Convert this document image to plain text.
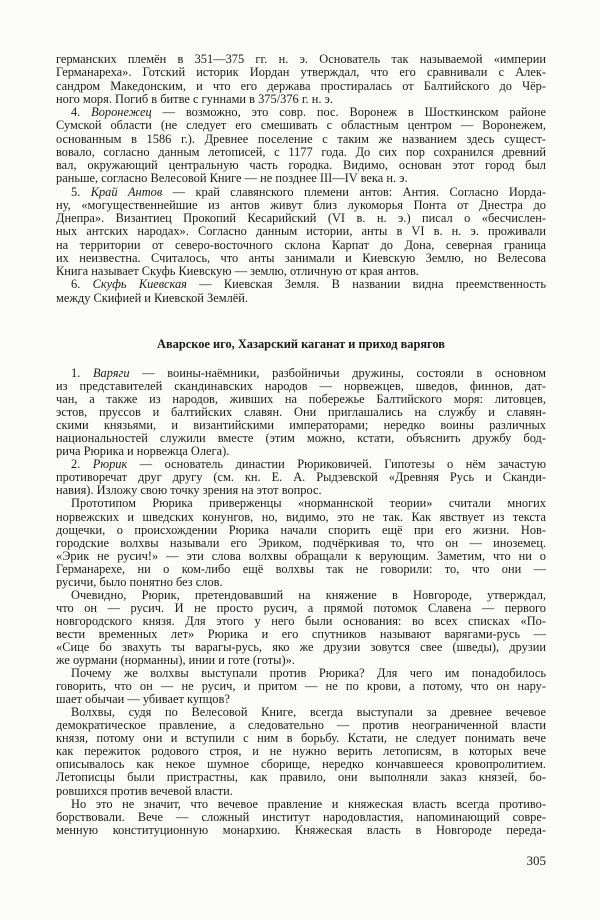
германских племён в 351—375 гг. н. э. Основатель так называемой «империи
Германареха». Готский историк Иордан утверждал, что его сравнивали с Алек-
сандром Македонским, и что его держава простиралась от Балтийского до Чёр-
ного моря. Погиб в битве с гуннами в 375/376 г. н. э.
4. Воронежец — возможно, это совр. пос. Воронеж в Шосткинском районе
Сумской области (не следует его смешивать с областным центром — Воронежем,
основанным в 1586 г.). Древнее поселение с таким же названием здесь сущест-
вовало, согласно данным летописей, с 1177 года. До сих пор сохранился древний
вал, окружающий центральную часть городка. Видимо, основан этот город был
раньше, согласно Велесовой Книге — не позднее III—IV века н. э.
5. Край Антов — край славянского племени антов: Антия. Согласно Иорда-
ну, «могущественнейшие из антов живут близ лукоморья Понта от Днестра до
Днепра». Византиец Прокопий Кесарийский (VI в. н. э.) писал о «бесчислен-
ных антских народах». Согласно данным истории, анты в VI в. н. э. проживали
на территории от северо-восточного склона Карпат до Дона, северная граница
их неизвестна. Считалось, что анты занимали и Киевскую Землю, но Велесова
Книга называет Скуфь Киевскую — землю, отличную от края антов.
6. Скуфь Киевская — Киевская Земля. В названии видна преемственность
между Скифией и Киевской Землёй.
Аварское иго, Хазарский каганат и приход варягов
1. Варяги — воины-наёмники, разбойничьи дружины, состояли в основном
из представителей скандинавских народов — норвежцев, шведов, финнов, дат-
чан, а также из народов, живших на побережье Балтийского моря: литовцев,
эстов, пруссов и балтийских славян. Они приглашались на службу и славян-
скими князьями, и византийскими императорами; нередко воины различных
национальностей служили вместе (этим можно, кстати, объяснить дружбу бод-
рича Рюрика и норвежца Олега).
2. Рюрик — основатель династии Рюриковичей. Гипотезы о нём зачастую
противоречат друг другу (см. кн. Е. А. Рыдзевской «Древняя Русь и Сканди-
навия). Изложу свою точку зрения на этот вопрос.
Прототипом Рюрика приверженцы «норманнской теории» считали многих
норвежских и шведских конунгов, но, видимо, это не так. Как явствует из текста
дощечки, о происхождении Рюрика начали спорить ещё при его жизни. Нов-
городские волхвы называли его Эриком, подчёркивая то, что он — иноземец.
«Эрик не русич!» — эти слова волхвы обращали к верующим. Заметим, что ни о
Германарехе, ни о ком-либо ещё волхвы так не говорили: то, что они —
русичи, было понятно без слов.
Очевидно, Рюрик, претендовавший на княжение в Новгороде, утверждал,
что он — русич. И не просто русич, а прямой потомок Славена — первого
новгородского князя. Для этого у него были основания: во всех списках «По-
вести временных лет» Рюрика и его спутников называют варягами-русь —
«Сице бо звахуть ты варагы-русь, яко же друзии зовутся свее (шведы), друзии
же оурмани (норманны), инии и готе (готы)».
Почему же волхвы выступали против Рюрика? Для чего им понадобилось
говорить, что он — не русич, и притом — не по крови, а потому, что он нару-
шает обычаи — убивает купцов?
Волхвы, судя по Велесовой Книге, всегда выступали за древнее вечевое
демократическое правление, а следовательно — против неограниченной власти
князя, потому они и вступили с ним в борьбу. Кстати, не следует понимать вече
как пережиток родового строя, и не нужно верить летописям, в которых вече
описывалось как некое шумное сборище, нередко кончавшееся кровопролитием.
Летописцы были пристрастны, как правило, они выполняли заказ князей, бо-
ровшихся против вечевой власти.
Но это не значит, что вечевое правление и княжеская власть всегда противо-
борствовали. Вече — сложный институт народовластия, напоминающий совре-
менную конституционную монархию. Княжеская власть в Новгороде переда-
305
